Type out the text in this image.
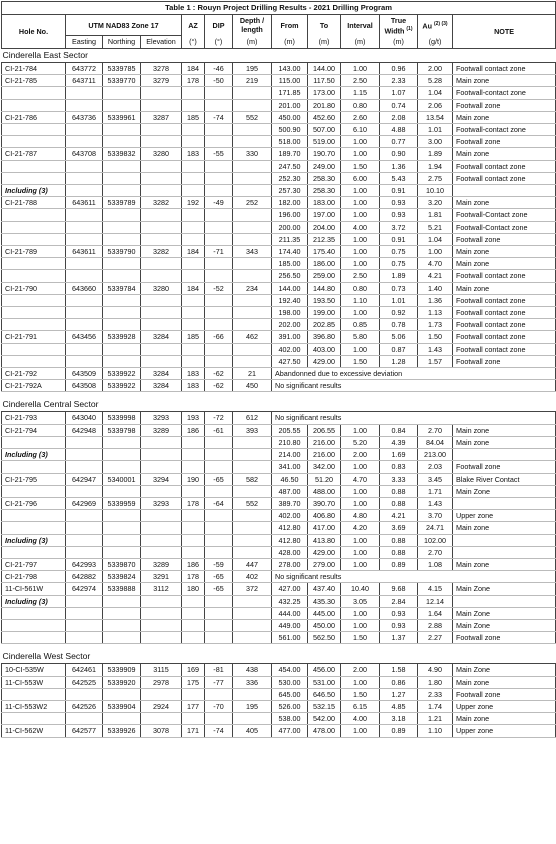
Table 1 : Rouyn Project Drilling Results - 2021 Drilling Program												
Hole No.	UTM NAD83 Zone 17			AZ	DIP	Depth / length	From	To	Interval	True Width $^{(1)}$	Au $^{(2) (3)}$	NOTE
	Easting	Northing	Elevation	(°)	(°)	(m)	(m)	(m)	(m)	(m)	(g/t)	
Cinderella East Sector												
CI-21-784	643772	5339785	3278	184	-46	195	143.00	144.00	1.00	0.96	2.00	Footwall contact zone
CI-21-785	643711	5339770	3279	178	-50	219	115.00	117.50	2.50	2.33	5.28	Main zone
							171.85	173.00	1.15	1.07	1.04	Footwall-contact zone
							201.00	201.80	0.80	0.74	2.06	Footwall zone
CI-21-786	643736	5339961	3287	185	-74	552	450.00	452.60	2.60	2.08	13.54	Main zone
							500.90	507.00	6.10	4.88	1.01	Footwall-contact zone
							518.00	519.00	1.00	0.77	3.00	Footwall zone
CI-21-787	643708	5339832	3280	183	-55	330	189.70	190.70	1.00	0.90	1.89	Main zone
							247.50	249.00	1.50	1.36	1.94	Footwall contact zone
							252.30	258.30	6.00	5.43	2.75	Footwall contact zone
Including (3)							257.30	258.30	1.00	0.91	10.10	
CI-21-788	643611	5339789	3282	192	-49	252	182.00	183.00	1.00	0.93	3.20	Main zone
							196.00	197.00	1.00	0.93	1.81	Footwall-Contact zone
							200.00	204.00	4.00	3.72	5.21	Footwall-Contact zone
							211.35	212.35	1.00	0.91	1.04	Footwall zone
CI-21-789	643611	5339790	3282	184	-71	343	174.40	175.40	1.00	0.75	1.00	Main zone
							185.00	186.00	1.00	0.75	4.70	Main zone
							256.50	259.00	2.50	1.89	4.21	Footwall contact zone
CI-21-790	643660	5339784	3280	184	-52	234	144.00	144.80	0.80	0.73	1.40	Main zone
							192.40	193.50	1.10	1.01	1.36	Footwall contact zone
							198.00	199.00	1.00	0.92	1.13	Footwall contact zone
							202.00	202.85	0.85	0.78	1.73	Footwall contact zone
CI-21-791	643456	5339928	3284	185	-66	462	391.00	396.80	5.80	5.06	1.50	Footwall contact zone
							402.00	403.00	1.00	0.87	1.43	Footwall contact zone
							427.50	429.00	1.50	1.28	1.57	Footwall zone
CI-21-792	643509	5339922	3284	183	-62	21	Abandonned due to excessive deviation					
CI-21-792A	643508	5339922	3284	183	-62	450	No significant results					

Cinderella Central Sector												
CI-21-793	643040	5339998	3293	193	-72	612	No significant results					
CI-21-794	642948	5339798	3289	186	-61	393	205.55	206.55	1.00	0.84	2.70	Main zone
							210.80	216.00	5.20	4.39	84.04	Main zone
Including (3)							214.00	216.00	2.00	1.69	213.00	
							341.00	342.00	1.00	0.83	2.03	Footwall zone
CI-21-795	642947	5340001	3294	190	-65	582	46.50	51.20	4.70	3.33	3.45	Blake River Contact
							487.00	488.00	1.00	0.88	1.71	Main Zone
CI-21-796	642969	5339959	3293	178	-64	552	389.70	390.70	1.00	0.88	1.43	
							402.00	406.80	4.80	4.21	3.70	Upper zone
							412.80	417.00	4.20	3.69	24.71	Main zone
Including (3)							412.80	413.80	1.00	0.88	102.00	
							428.00	429.00	1.00	0.88	2.70	
CI-21-797	642993	5339870	3289	186	-59	447	278.00	279.00	1.00	0.89	1.08	Main zone
CI-21-798	642882	5339824	3291	178	-65	402	No significant results					
11-CI-561W	642974	5339888	3112	180	-65	372	427.00	437.40	10.40	9.68	4.15	Main Zone
Including (3)							432.25	435.30	3.05	2.84	12.14	
							444.00	445.00	1.00	0.93	1.64	Main Zone
							449.00	450.00	1.00	0.93	2.88	Main Zone
							561.00	562.50	1.50	1.37	2.27	Footwall zone

Cinderella West Sector												
10-CI-535W	642461	5339909	3115	169	-81	438	454.00	456.00	2.00	1.58	4.90	Main Zone
11-CI-553W	642525	5339920	2978	175	-77	336	530.00	531.00	1.00	0.86	1.80	Main zone
							645.00	646.50	1.50	1.27	2.33	Footwall zone
11-CI-553W2	642526	5339904	2924	177	-70	195	526.00	532.15	6.15	4.85	1.74	Upper zone
							538.00	542.00	4.00	3.18	1.21	Main zone
11-CI-562W	642577	5339926	3078	171	-74	405	477.00	478.00	1.00	0.89	1.10	Upper zone
